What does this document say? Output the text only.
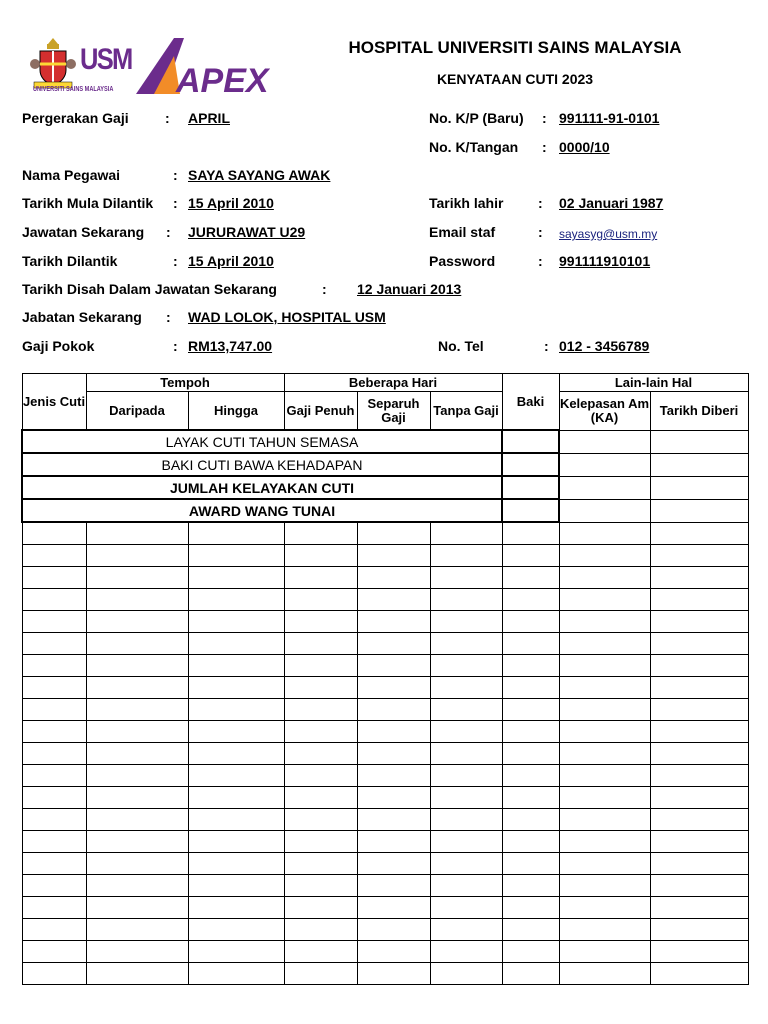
USM
UNIVERSITI SAINS MALAYSIA	APEX
HOSPITAL UNIVERSITI SAINS MALAYSIA
KENYATAAN CUTI 2023
Pergerakan Gaji	: APRIL	No. K/P (Baru) : 991111-91-0101
No. K/Tangan : 0000/10
Nama Pegawai	: SAYA SAYANG AWAK
Tarikh Mula Dilantik : 15 April 2010	Tarikh lahir : 02 Januari 1987
Jawatan Sekarang : JURURAWAT U29	Email staf	: sayasyg@usm.my
Tarikh Dilantik	: 15 April 2010	Password	: 991111910101
Tarikh Disah Dalam Jawatan Sekarang	: 12 Januari 2013
Jabatan Sekarang : WAD LOLOK, HOSPITAL USM
Gaji Pokok	: RM13,747.00	No. Tel	: 012 - 3456789
Jenis Cuti	Tempoh		Beberapa Hari			Baki	Lain-lain Hal	
	Daripada	Hingga	Gaji Penuh	Separuh Gaji	Tanpa Gaji		Kelepasan Am (KA)	Tarikh Diberi
LAYAK CUTI TAHUN SEMASA								
BAKI CUTI BAWA KEHADAPAN								
JUMLAH KELAYAKAN CUTI								
AWARD WANG TUNAI								
